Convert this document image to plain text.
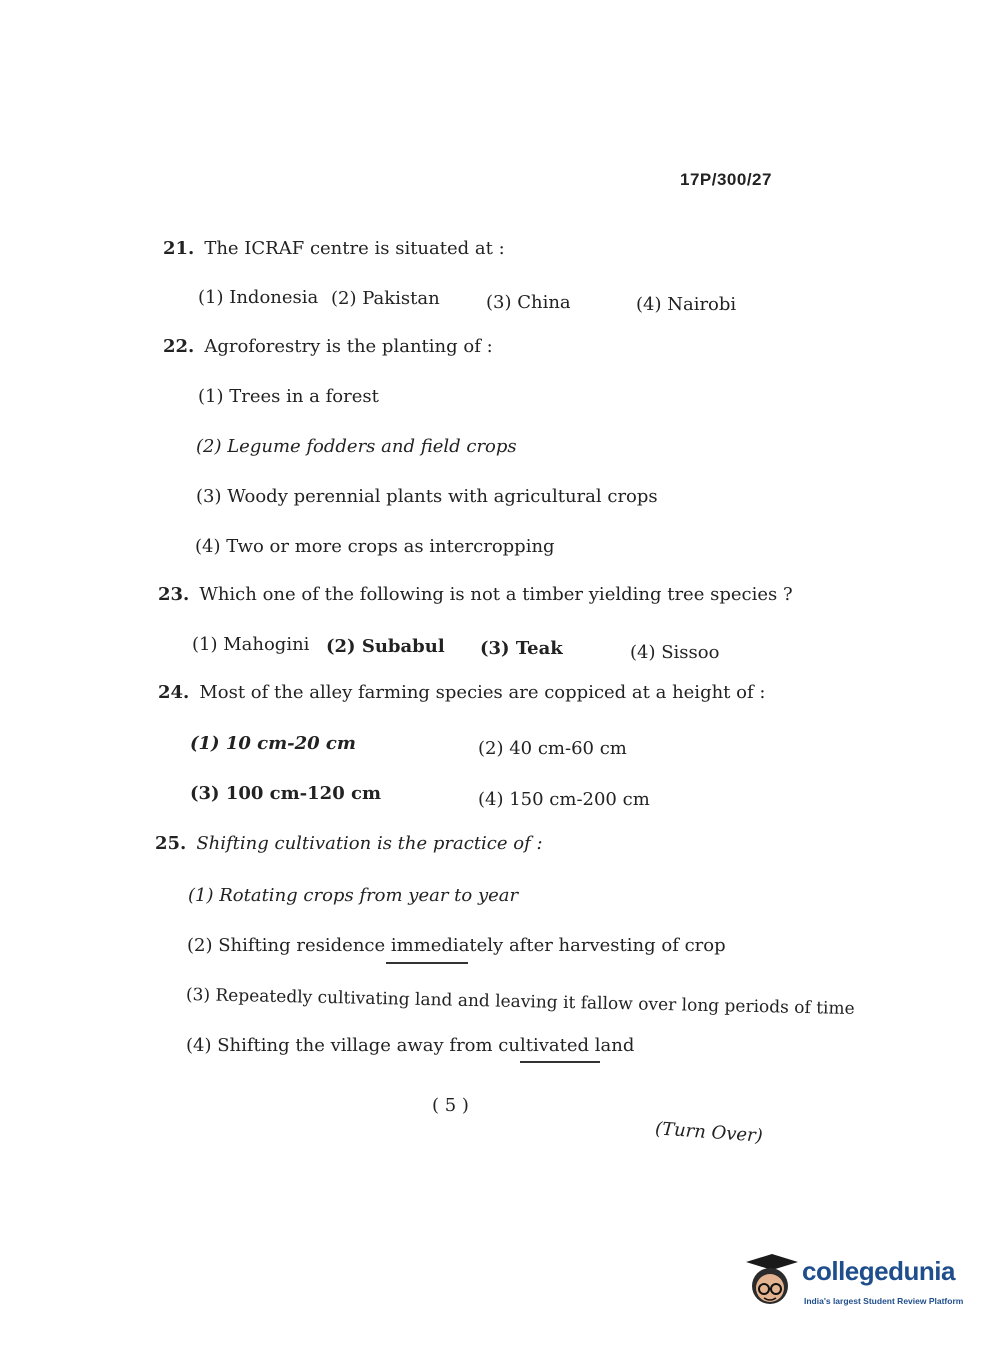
17P/300/27
21. The ICRAF centre is situated at :
(1) Indonesia (2) Pakistan	(3) China	(4) Nairobi
22. Agroforestry is the planting of :
(1) Trees in a forest
(2) Legume fodders and field crops
(3) Woody perennial plants with agricultural crops
(4) Two or more crops as intercropping
23. Which one of the following is not a timber yielding tree species ?
(1) Mahogini (2) Subabul (3) Teak	(4) Sissoo
24. Most of the alley farming species are coppiced at a height of :
(1) 10 cm-20 cm	(2) 40 cm-60 cm
(3) 100 cm-120 cm	(4) 150 cm-200 cm
25. Shifting cultivation is the practice of :
(1) Rotating crops from year to year
(2) Shifting residence immediately after harvesting of crop
(3) Repeatedly cultivating land and leaving it fallow over long periods of time
(4) Shifting the village away from cultivated land
( 5 )
(Turn Over)
collegedunia
India's largest Student Review Platform
